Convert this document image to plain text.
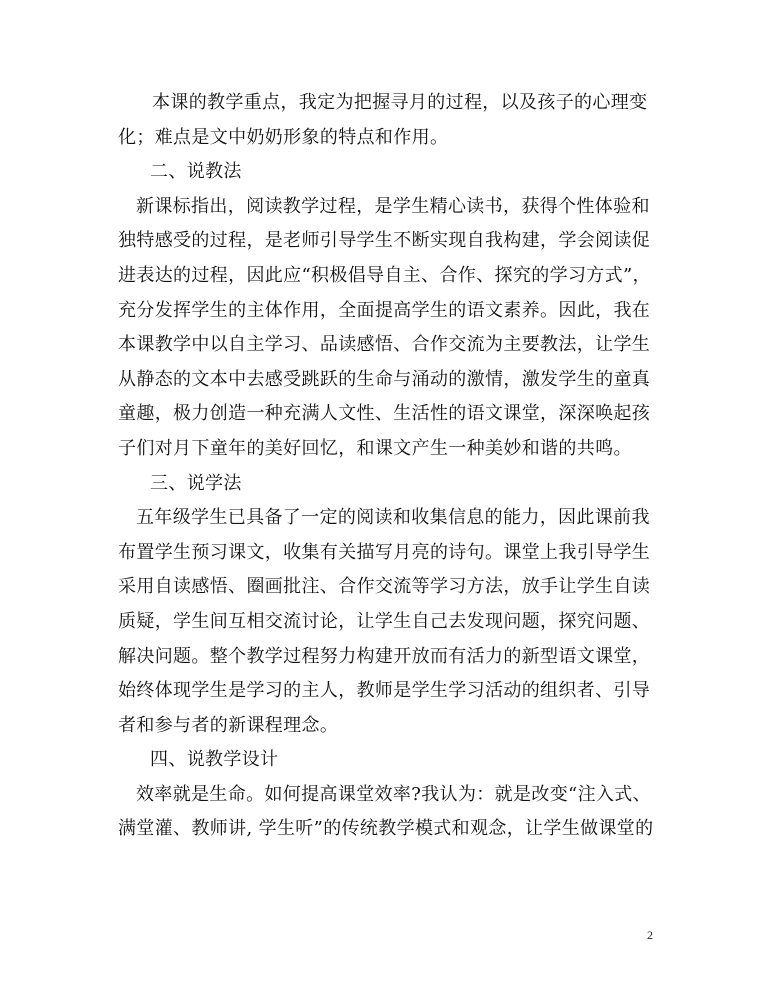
本课的教学重点，我定为把握寻月的过程，以及孩子的心理变
化；难点是文中奶奶形象的特点和作用。
二、说教法
新课标指出，阅读教学过程，是学生精心读书，获得个性体验和
独特感受的过程，是老师引导学生不断实现自我构建，学会阅读促
进表达的过程，因此应“积极倡导自主、合作、探究的学习方式”，
充分发挥学生的主体作用，全面提高学生的语文素养。因此，我在
本课教学中以自主学习、品读感悟、合作交流为主要教法，让学生
从静态的文本中去感受跳跃的生命与涌动的激情，激发学生的童真
童趣，极力创造一种充满人文性、生活性的语文课堂，深深唤起孩
子们对月下童年的美好回忆，和课文产生一种美妙和谐的共鸣。
三、说学法
五年级学生已具备了一定的阅读和收集信息的能力，因此课前我
布置学生预习课文，收集有关描写月亮的诗句。课堂上我引导学生
采用自读感悟、圈画批注、合作交流等学习方法，放手让学生自读
质疑，学生间互相交流讨论，让学生自己去发现问题，探究问题、
解决问题。整个教学过程努力构建开放而有活力的新型语文课堂，
始终体现学生是学习的主人，教师是学生学习活动的组织者、引导
者和参与者的新课程理念。
四、说教学设计
效率就是生命。如何提高课堂效率?我认为：就是改变“注入式、
满堂灌、教师讲, 学生听”的传统教学模式和观念，让学生做课堂的
2
